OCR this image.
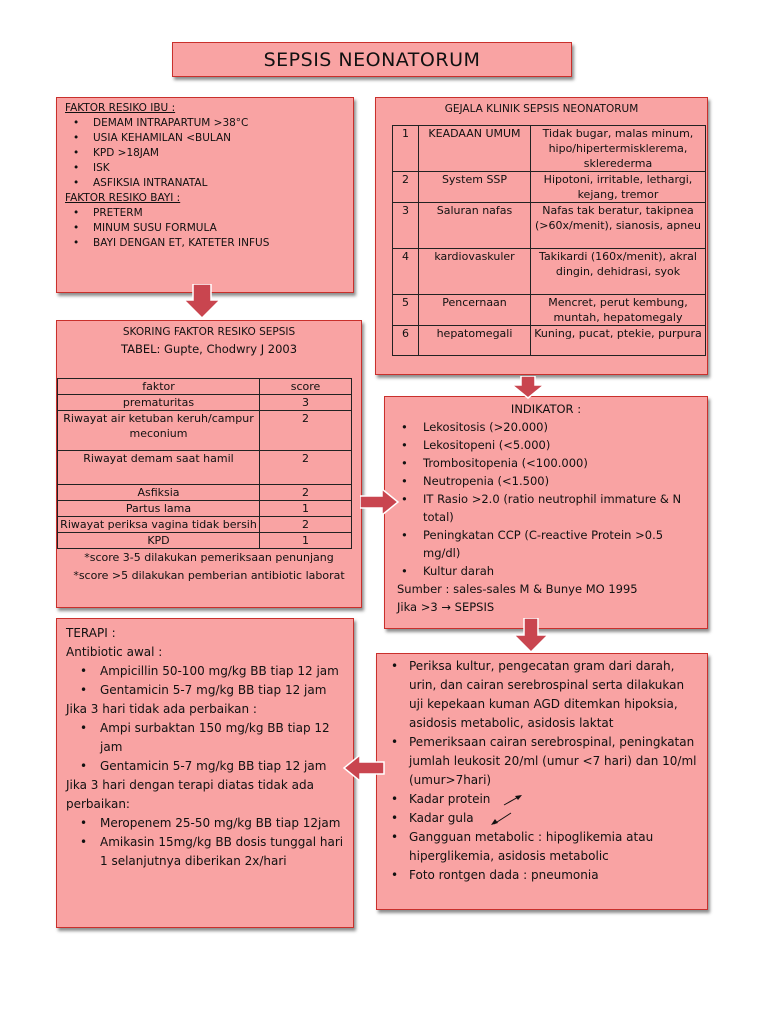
SEPSIS NEONATORUM
FAKTOR RESIKO IBU :
• DEMAM INTRAPARTUM >38°C
• USIA KEHAMILAN <BULAN
• KPD >18JAM
• ISK
• ASFIKSIA INTRANATAL
FAKTOR RESIKO BAYI :
• PRETERM
• MINUM SUSU FORMULA
• BAYI DENGAN ET, KATETER INFUS
GEJALA KLINIK SEPSIS NEONATORUM
1	KEADAAN UMUM	Tidak bugar, malas minum, hipo/hipertermisklerema, sklerederma
2	System SSP	Hipotoni, irritable, lethargi, kejang, tremor
3	Saluran nafas	Nafas tak beratur, takipnea (>60x/menit), sianosis, apneu
4	kardiovaskuler	Takikardi (160x/menit), akral dingin, dehidrasi, syok
5	Pencernaan	Mencret, perut kembung, muntah, hepatomegaly
6	hepatomegali	Kuning, pucat, ptekie, purpura
SKORING FAKTOR RESIKO SEPSIS
TABEL: Gupte, Chodwry J 2003
faktor	score
prematuritas	3
Riwayat air ketuban keruh/campur meconium	2
Riwayat demam saat hamil	2
Asfiksia	2
Partus lama	1
Riwayat periksa vagina tidak bersih	2
KPD	1
*score 3-5 dilakukan pemeriksaan penunjang
*score >5 dilakukan pemberian antibiotic laborat
INDIKATOR :
• Lekositosis (>20.000)
• Lekositopeni (<5.000)
• Trombositopenia (<100.000)
• Neutropenia (<1.500)
• IT Rasio >2.0 (ratio neutrophil immature & N total)
• Peningkatan CCP (C-reactive Protein >0.5 mg/dl)
• Kultur darah
Sumber : sales-sales M & Bunye MO 1995
Jika >3 → SEPSIS
TERAPI :
Antibiotic awal :
• Ampicillin 50-100 mg/kg BB tiap 12 jam
• Gentamicin 5-7 mg/kg BB tiap 12 jam
Jika 3 hari tidak ada perbaikan :
• Ampi surbaktan 150 mg/kg BB tiap 12 jam
• Gentamicin 5-7 mg/kg BB tiap 12 jam
Jika 3 hari dengan terapi diatas tidak ada perbaikan:
• Meropenem 25-50 mg/kg BB tiap 12jam
• Amikasin 15mg/kg BB dosis tunggal hari 1 selanjutnya diberikan 2x/hari
• Periksa kultur, pengecatan gram dari darah, urin, dan cairan serebrospinal serta dilakukan uji kepekaan kuman AGD ditemkan hipoksia, asidosis metabolic, asidosis laktat
• Pemeriksaan cairan serebrospinal, peningkatan jumlah leukosit 20/ml (umur <7 hari) dan 10/ml (umur>7hari)
• Kadar protein
• Kadar gula
• Gangguan metabolic : hipoglikemia atau hiperglikemia, asidosis metabolic
• Foto rontgen dada : pneumonia
